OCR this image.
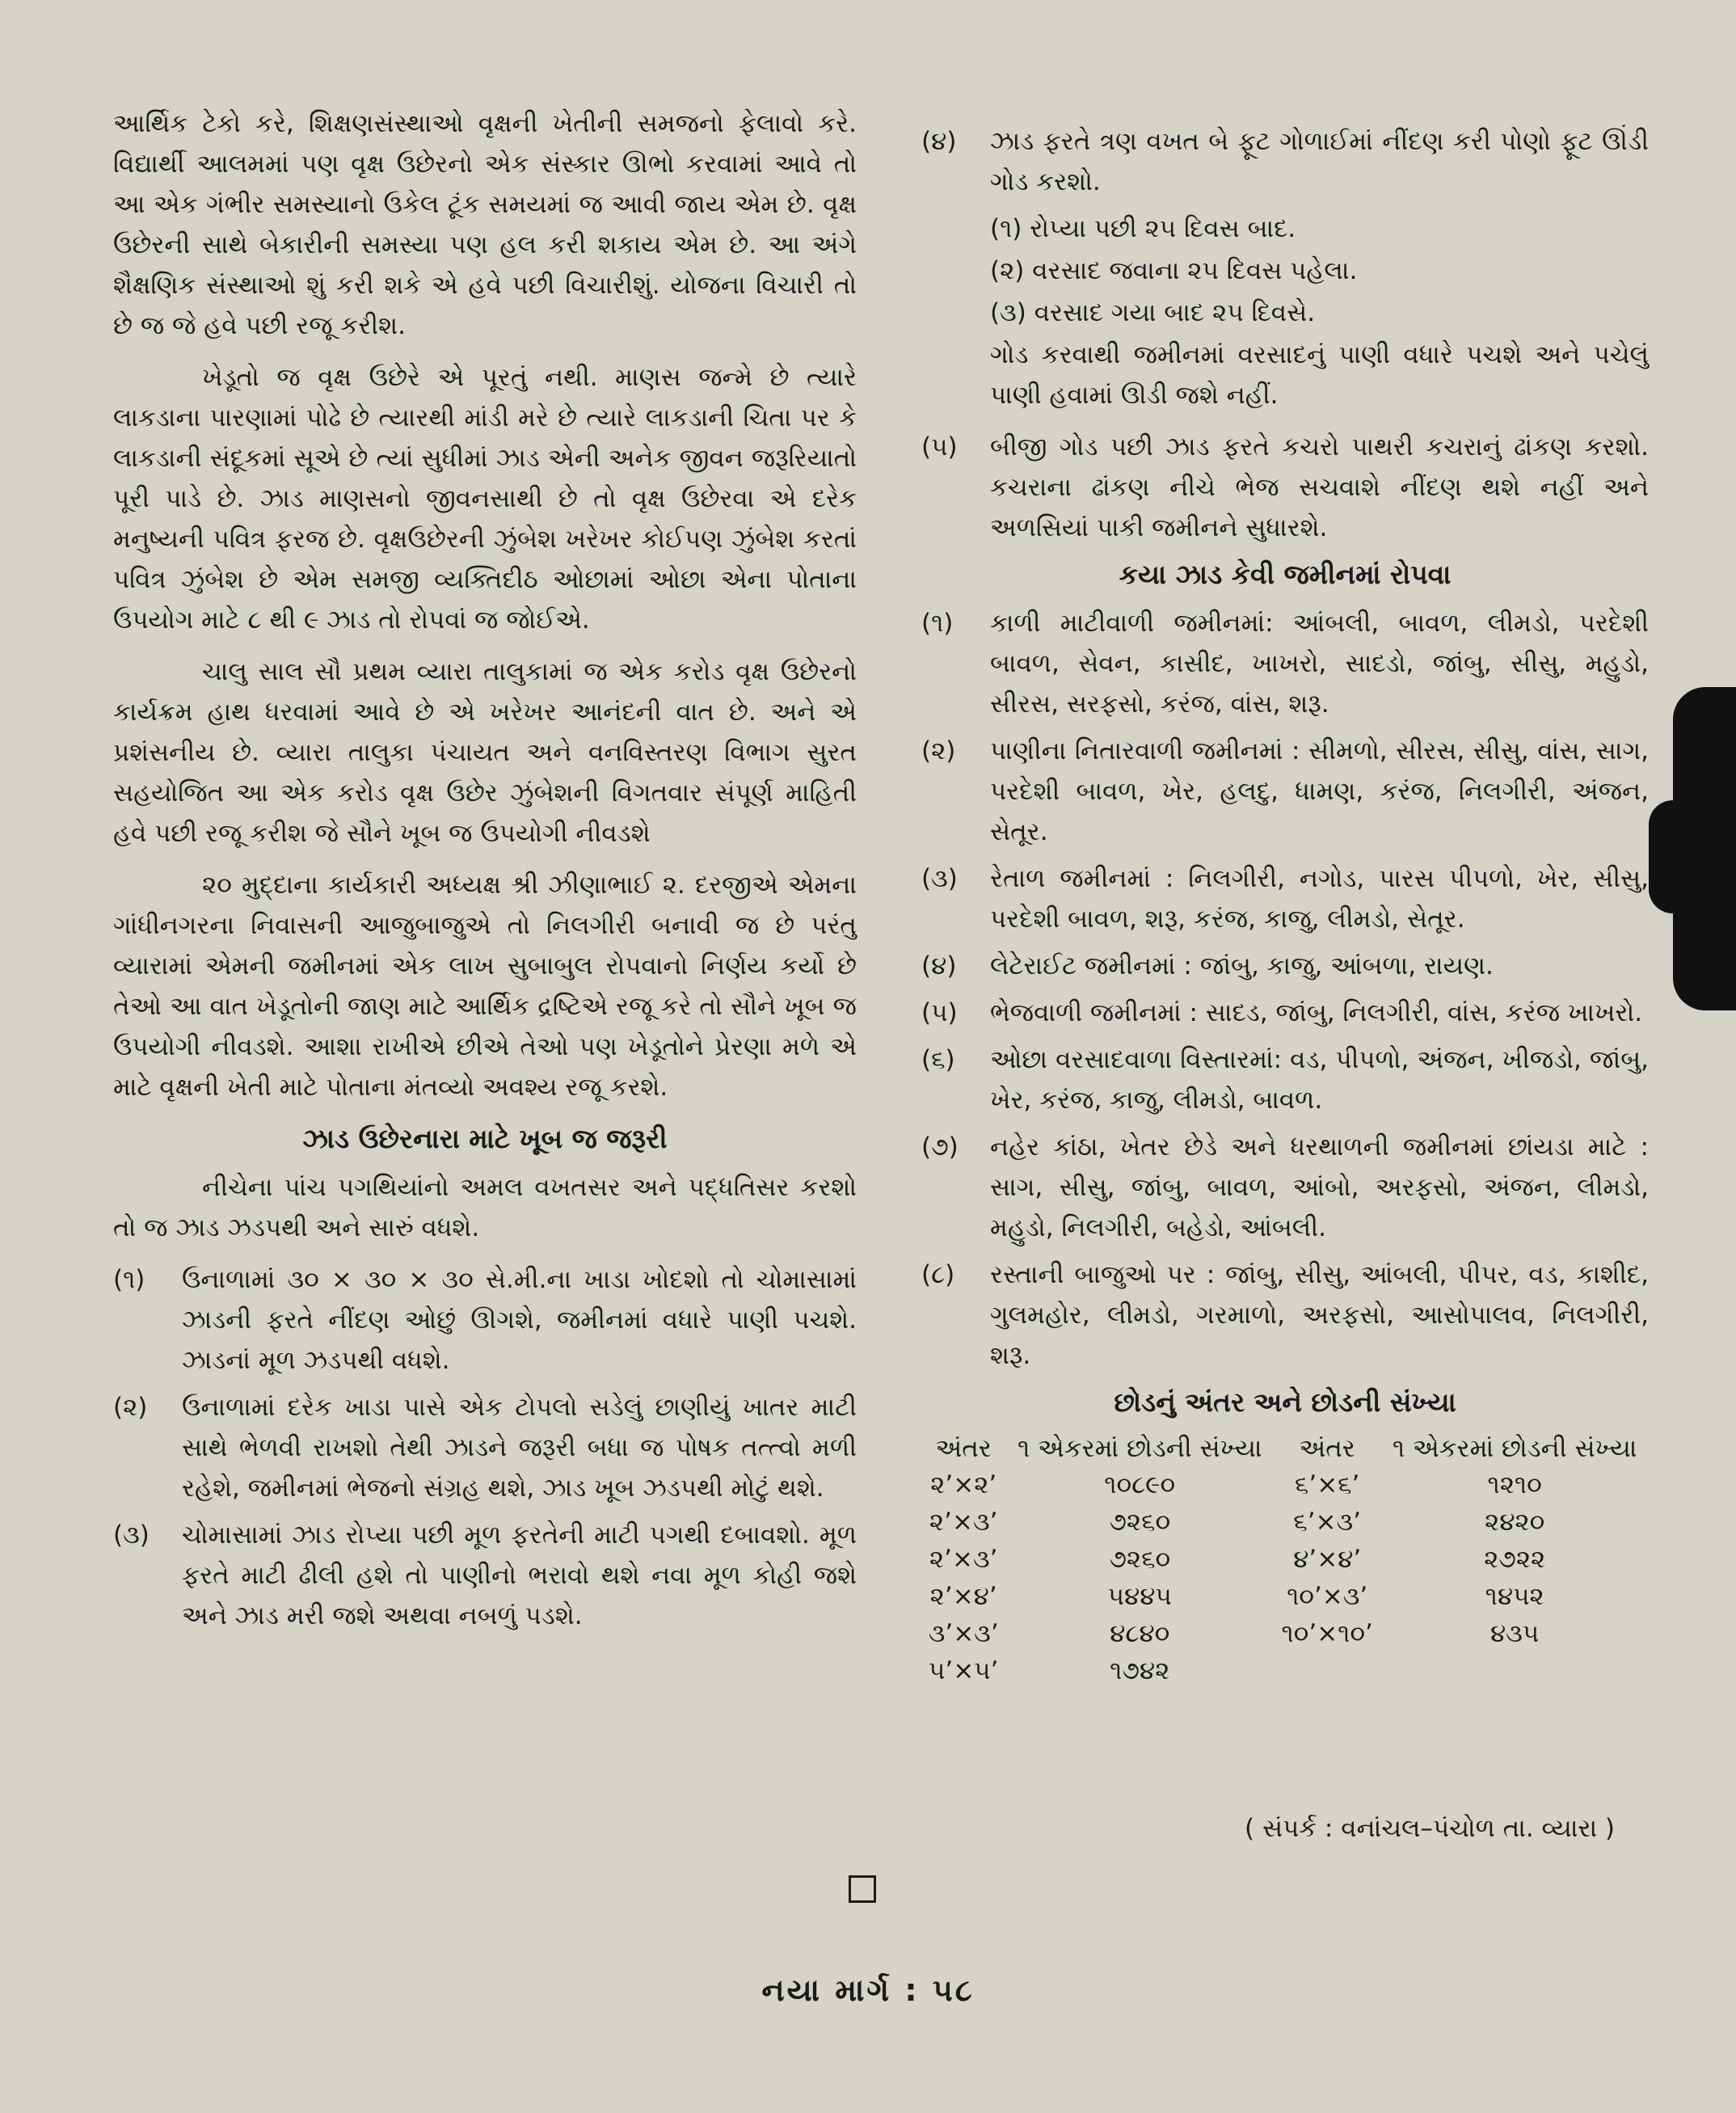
આર્થિક ટેકો કરે, શિક્ષણસંસ્થાઓ વૃક્ષની ખેતીની સમજનો ફેલાવો કરે. વિદ્યાર્થી આલમમાં પણ વૃક્ષ ઉછેરનો એક સંસ્કાર ઊભો કરવામાં આવે તો આ એક ગંભીર સમસ્યાનો ઉકેલ ટૂંક સમયમાં જ આવી જાય એમ છે. વૃક્ષ ઉછેરની સાથે બેકારીની સમસ્યા પણ હલ કરી શકાય એમ છે. આ અંગે શૈક્ષણિક સંસ્થાઓ શું કરી શકે એ હવે પછી વિચારીશું. યોજના વિચારી તો છે જ જે હવે પછી રજૂ કરીશ.

ખેડૂતો જ વૃક્ષ ઉછેરે એ પૂરતું નથી. માણસ જન્મે છે ત્યારે લાકડાના પારણામાં પોઢે છે ત્યારથી માંડી મરે છે ત્યારે લાકડાની ચિતા પર કે લાકડાની સંદૂકમાં સૂએ છે ત્યાં સુધીમાં ઝાડ એની અનેક જીવન જરૂરિયાતો પૂરી પાડે છે. ઝાડ માણસનો જીવનસાથી છે તો વૃક્ષ ઉછેરવા એ દરેક મનુષ્યની પવિત્ર ફરજ છે. વૃક્ષઉછેરની ઝુંબેશ ખરેખર કોઈપણ ઝુંબેશ કરતાં પવિત્ર ઝુંબેશ છે એમ સમજી વ્યક્તિદીઠ ઓછામાં ઓછા એના પોતાના ઉપયોગ માટે ૮ થી ૯ ઝાડ તો રોપવાં જ જોઈએ.

ચાલુ સાલ સૌ પ્રથમ વ્યારા તાલુકામાં જ એક કરોડ વૃક્ષ ઉછેરનો કાર્યક્રમ હાથ ધરવામાં આવે છે એ ખરેખર આનંદની વાત છે. અને એ પ્રશંસનીય છે. વ્યારા તાલુકા પંચાયત અને વનવિસ્તરણ વિભાગ સુરત સહયોજિત આ એક કરોડ વૃક્ષ ઉછેર ઝુંબેશની વિગતવાર સંપૂર્ણ માહિતી હવે પછી રજૂ કરીશ જે સૌને ખૂબ જ ઉપયોગી નીવડશે

૨૦ મુદ્દાના કાર્યકારી અધ્યક્ષ શ્રી ઝીણાભાઈ ૨. દરજીએ એમના ગાંધીનગરના નિવાસની આજુબાજુએ તો નિલગીરી બનાવી જ છે પરંતુ વ્યારામાં એમની જમીનમાં એક લાખ સુબાબુલ રોપવાનો નિર્ણય કર્યો છે તેઓ આ વાત ખેડૂતોની જાણ માટે આર્થિક દ્રષ્ટિએ રજૂ કરે તો સૌને ખૂબ જ ઉપયોગી નીવડશે. આશા રાખીએ છીએ તેઓ પણ ખેડૂતોને પ્રેરણા મળે એ માટે વૃક્ષની ખેતી માટે પોતાના મંતવ્યો અવશ્ય રજૂ કરશે.

ઝાડ ઉછેરનારા માટે ખૂબ જ જરૂરી

નીચેના પાંચ પગથિયાંનો અમલ વખતસર અને પદ્ધતિસર કરશો તો જ ઝાડ ઝડપથી અને સારું વધશે.

(૧)	ઉનાળામાં ૩૦ × ૩૦ × ૩૦ સે.મી.ના ખાડા ખોદશો તો ચોમાસામાં ઝાડની ફરતે નીંદણ ઓછું ઊગશે, જમીનમાં વધારે પાણી પચશે. ઝાડનાં મૂળ ઝડપથી વધશે.
(૨)	ઉનાળામાં દરેક ખાડા પાસે એક ટોપલો સડેલું છાણીયું ખાતર માટી સાથે ભેળવી રાખશો તેથી ઝાડને જરૂરી બધા જ પોષક તત્ત્વો મળી રહેશે, જમીનમાં ભેજનો સંગ્રહ થશે, ઝાડ ખૂબ ઝડપથી મોટું થશે.
(૩)	ચોમાસામાં ઝાડ રોપ્યા પછી મૂળ ફરતેની માટી પગથી દબાવશો. મૂળ ફરતે માટી ઢીલી હશે તો પાણીનો ભરાવો થશે નવા મૂળ કોહી જશે અને ઝાડ મરી જશે અથવા નબળું પડશે.
(૪)	ઝાડ ફરતે ત્રણ વખત બે ફૂટ ગોળાઈમાં નીંદણ કરી પોણો ફૂટ ઊંડી ગોડ કરશો.
(૧) રોપ્યા પછી ૨૫ દિવસ બાદ.
(૨) વરસાદ જવાના ૨૫ દિવસ પહેલા.
(૩) વરસાદ ગયા બાદ ૨૫ દિવસે.

ગોડ કરવાથી જમીનમાં વરસાદનું પાણી વધારે પચશે અને પચેલું પાણી હવામાં ઊડી જશે નહીં.

(૫)	બીજી ગોડ પછી ઝાડ ફરતે કચરો પાથરી કચરાનું ઢાંકણ કરશો. કચરાના ઢાંકણ નીચે ભેજ સચવાશે નીંદણ થશે નહીં અને અળસિયાં પાકી જમીનને સુધારશે.
કયા ઝાડ કેવી જમીનમાં રોપવા
(૧)	કાળી માટીવાળી જમીનમાં: આંબલી, બાવળ, લીમડો, પરદેશી બાવળ, સેવન, કાસીદ, ખાખરો, સાદડો, જાંબુ, સીસુ, મહુડો, સીરસ, સરફસો, કરંજ, વાંસ, શરૂ.
(૨)	પાણીના નિતારવાળી જમીનમાં : સીમળો, સીરસ, સીસુ, વાંસ, સાગ, પરદેશી બાવળ, ખેર, હલદુ, ધામણ, કરંજ, નિલગીરી, અંજન, સેતૂર.
(૩)	રેતાળ જમીનમાં : નિલગીરી, નગોડ, પારસ પીપળો, ખેર, સીસુ, પરદેશી બાવળ, શરૂ, કરંજ, કાજુ, લીમડો, સેતૂર.
(૪)	લેટેરાઈટ જમીનમાં : જાંબુ, કાજુ, આંબળા, રાયણ.
(૫)	ભેજવાળી જમીનમાં : સાદડ, જાંબુ, નિલગીરી, વાંસ, કરંજ ખાખરો.
(૬)	ઓછા વરસાદવાળા વિસ્તારમાં: વડ, પીપળો, અંજન, ખીજડો, જાંબુ, ખેર, કરંજ, કાજુ, લીમડો, બાવળ.
(૭)	નહેર કાંઠા, ખેતર છેડે અને ધરથાળની જમીનમાં છાંયડા માટે : સાગ, સીસુ, જાંબુ, બાવળ, આંબો, અરફસો, અંજન, લીમડો, મહુડો, નિલગીરી, બહેડો, આંબલી.
(૮)	રસ્તાની બાજુઓ પર : જાંબુ, સીસુ, આંબલી, પીપર, વડ, કાશીદ, ગુલમહોર, લીમડો, ગરમાળો, અરફસો, આસોપાલવ, નિલગીરી, શરૂ.
છોડનું અંતર અને છોડની સંખ્યા
અંતર	૧ એકરમાં છોડની સંખ્યા	અંતર	૧ એકરમાં છોડની સંખ્યા
૨’×૨’	૧૦૮૯૦	૬’×૬’	૧૨૧૦
૨’×૩’	૭૨૬૦	૬’×૩’	૨૪૨૦
૨’×૩’	૭૨૬૦	૪’×૪’	૨૭૨૨
૨’×૪’	૫૪૪૫	૧૦’×૩’	૧૪૫૨
૩’×૩’	૪૮૪૦	૧૦’×૧૦’	૪૩૫
૫’×૫’	૧૭૪૨		
( સંપર્ક : વનાંચલ–પંચોળ તા. વ્યારા )
નયા માર્ગ : ૫૮
